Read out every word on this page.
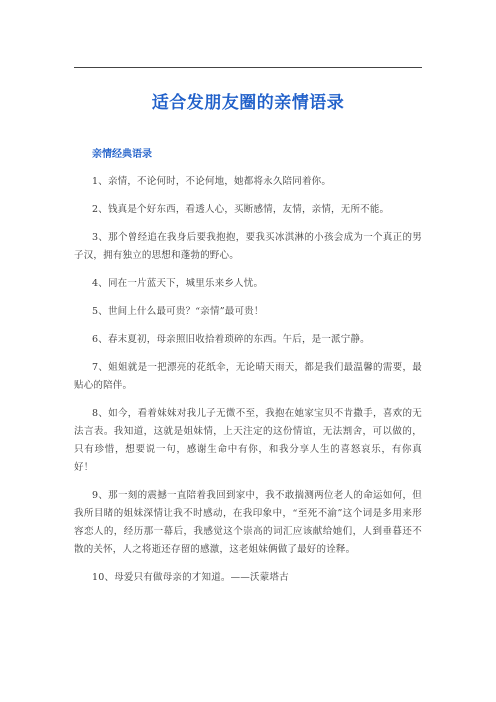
适合发朋友圈的亲情语录
亲情经典语录
1、亲情，不论何时，不论何地，她都将永久陪同着你。
2、钱真是个好东西，看透人心，买断感情，友情，亲情，无所不能。
3、那个曾经追在我身后要我抱抱，要我买冰淇淋的小孩会成为一个真正的男子汉，拥有独立的思想和蓬勃的野心。
4、同在一片蓝天下，城里乐来乡人忧。
5、世间上什么最可贵？“亲情”最可贵！
6、春末夏初，母亲照旧收拾着琐碎的东西。午后，是一派宁静。
7、姐姐就是一把漂亮的花纸伞，无论晴天雨天，都是我们最温馨的需要，最贴心的陪伴。
8、如今，看着妹妹对我儿子无微不至，我抱在她家宝贝不肯撒手，喜欢的无法言表。我知道，这就是姐妹情，上天注定的这份情谊，无法割舍，可以做的，只有珍惜，想要说一句，感谢生命中有你，和我分享人生的喜怒哀乐，有你真好！
9、那一刻的震撼一直陪着我回到家中，我不敢揣测两位老人的命运如何，但我所目睹的姐妹深情让我不时感动，在我印象中，“至死不渝”这个词是多用来形容恋人的，经历那一幕后，我感觉这个崇高的词汇应该献给她们，人到垂暮还不散的关怀，人之将逝还存留的感激，这老姐妹俩做了最好的诠释。
10、母爱只有做母亲的才知道。——沃蒙塔古
